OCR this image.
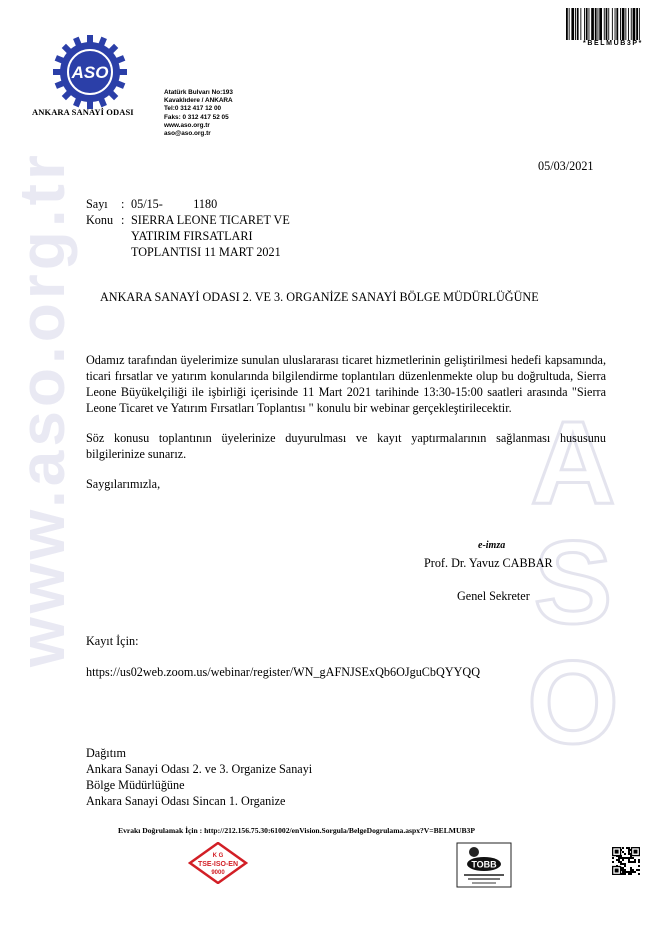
www.aso.org.tr	A
S
O
ASO
ANKARA SANAYİ ODASI
Atatürk Bulvarı No:193
Kavaklıdere / ANKARA
Tel:0 312 417 12 00
Faks: 0 312 417 52 05
www.aso.org.tr
aso@aso.org.tr
*BELMUB3P*
05/03/2021
Sayı	: 05/15-          1180
Konu : SIERRA LEONE TICARET VE
YATIRIM FIRSATLARI
TOPLANTISI 11 MART 2021
ANKARA SANAYİ ODASI 2. VE 3. ORGANİZE SANAYİ BÖLGE MÜDÜRLÜĞÜNE

Odamız tarafından üyelerimize sunulan uluslararası ticaret hizmetlerinin geliştirilmesi hedefi kapsamında, ticari fırsatlar ve yatırım konularında bilgilendirme toplantıları düzenlenmekte olup bu doğrultuda, Sierra Leone Büyükelçiliği ile işbirliği içerisinde 11 Mart 2021 tarihinde 13:30-15:00 saatleri arasında "Sierra Leone Ticaret ve Yatırım Fırsatları Toplantısı " konulu bir webinar gerçekleştirilecektir.

Söz konusu toplantının üyelerinize duyurulması ve kayıt yaptırmalarının sağlanması hususunu bilgilerinize sunarız.

Saygılarımızla,

e-imza
Prof. Dr. Yavuz CABBAR
Genel Sekreter
Kayıt İçin:
https://us02web.zoom.us/webinar/register/WN_gAFNJSExQb6OJguCbQYYQQ
Dağıtım
Ankara Sanayi Odası 2. ve 3. Organize Sanayi
Bölge Müdürlüğüne
Ankara Sanayi Odası Sincan 1. Organize
Evrakı Doğrulamak İçin : http://212.156.75.30:61002/enVision.Sorgula/BelgeDogrulama.aspx?V=BELMUB3P
K G
TSE-ISO-EN
9000
TOBB
